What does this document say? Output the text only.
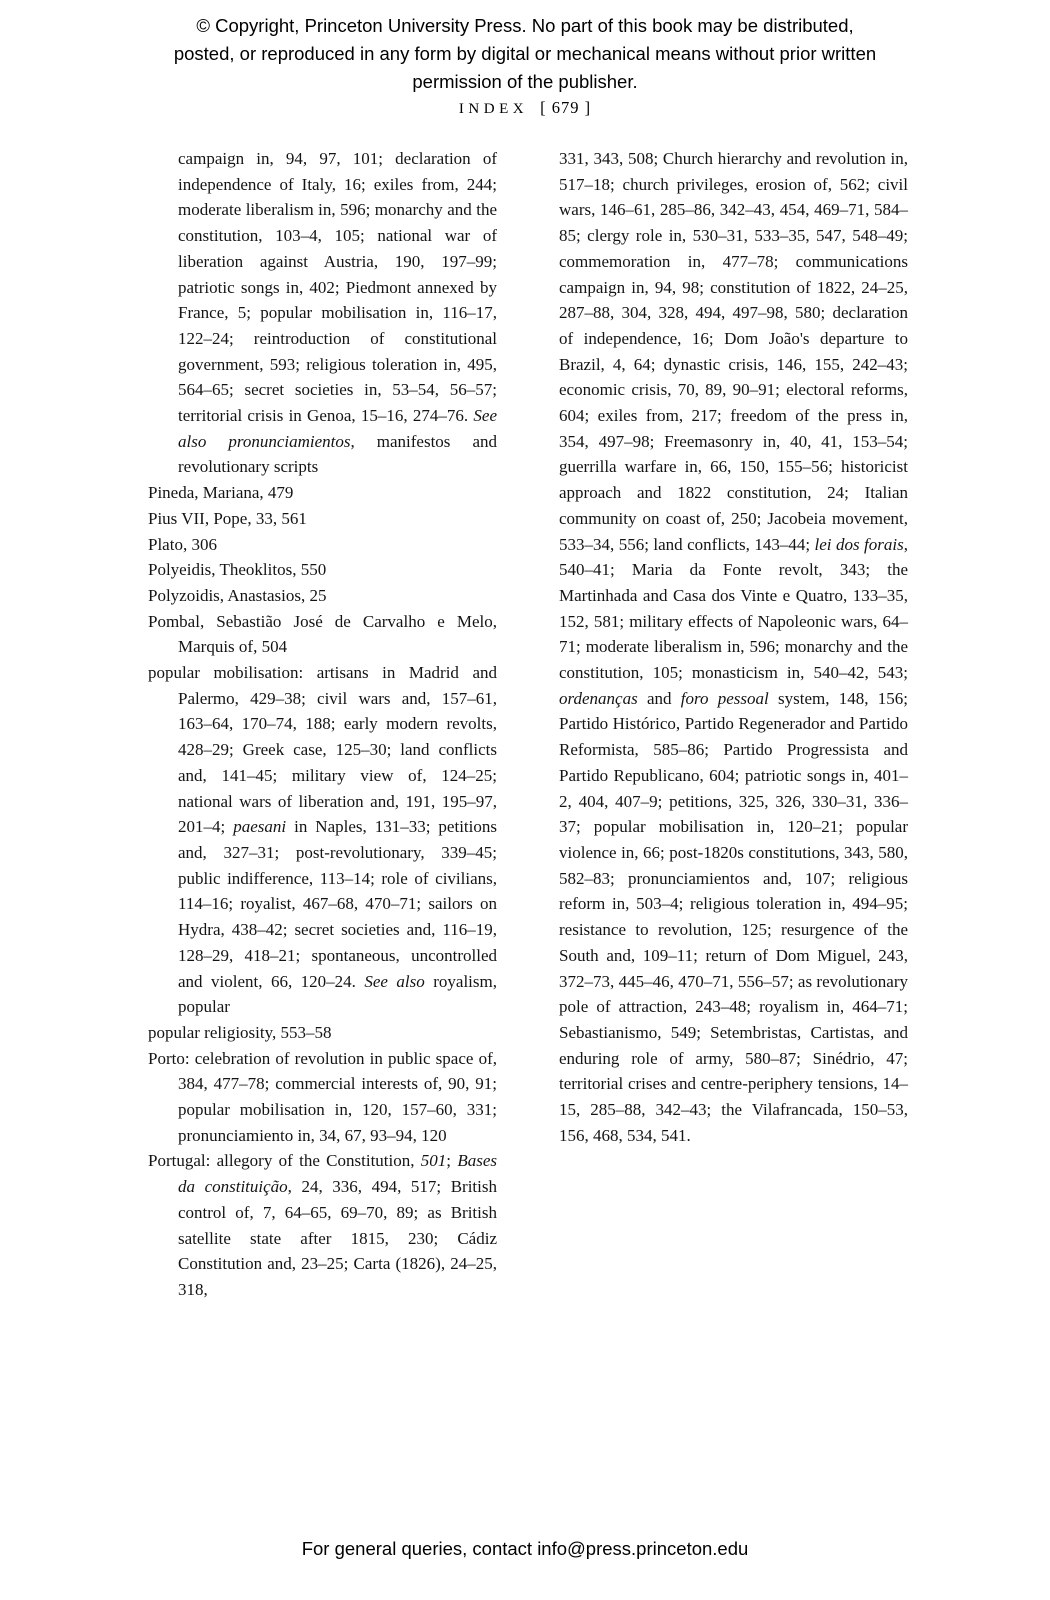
© Copyright, Princeton University Press. No part of this book may be distributed, posted, or reproduced in any form by digital or mechanical means without prior written permission of the publisher.
INDEX [ 679 ]

campaign in, 94, 97, 101; declaration of independence of Italy, 16; exiles from, 244; moderate liberalism in, 596; monarchy and the constitution, 103–4, 105; national war of liberation against Austria, 190, 197–99; patriotic songs in, 402; Piedmont annexed by France, 5; popular mobilisation in, 116–17, 122–24; reintroduction of constitutional government, 593; religious toleration in, 495, 564–65; secret societies in, 53–54, 56–57; territorial crisis in Genoa, 15–16, 274–76. See also pronunciamientos, manifestos and revolutionary scripts

Pineda, Mariana, 479

Pius VII, Pope, 33, 561

Plato, 306

Polyeidis, Theoklitos, 550

Polyzoidis, Anastasios, 25

Pombal, Sebastião José de Carvalho e Melo, Marquis of, 504

popular mobilisation: artisans in Madrid and Palermo, 429–38; civil wars and, 157–61, 163–64, 170–74, 188; early modern revolts, 428–29; Greek case, 125–30; land conflicts and, 141–45; military view of, 124–25; national wars of liberation and, 191, 195–97, 201–4; paesani in Naples, 131–33; petitions and, 327–31; post-revolutionary, 339–45; public indifference, 113–14; role of civilians, 114–16; royalist, 467–68, 470–71; sailors on Hydra, 438–42; secret societies and, 116–19, 128–29, 418–21; spontaneous, uncontrolled and violent, 66, 120–24. See also royalism, popular

popular religiosity, 553–58

Porto: celebration of revolution in public space of, 384, 477–78; commercial interests of, 90, 91; popular mobilisation in, 120, 157–60, 331; pronunciamiento in, 34, 67, 93–94, 120

Portugal: allegory of the Constitution, 501; Bases da constituição, 24, 336, 494, 517; British control of, 7, 64–65, 69–70, 89; as British satellite state after 1815, 230; Cádiz Constitution and, 23–25; Carta (1826), 24–25, 318,

331, 343, 508; Church hierarchy and revolution in, 517–18; church privileges, erosion of, 562; civil wars, 146–61, 285–86, 342–43, 454, 469–71, 584–85; clergy role in, 530–31, 533–35, 547, 548–49; commemoration in, 477–78; communications campaign in, 94, 98; constitution of 1822, 24–25, 287–88, 304, 328, 494, 497–98, 580; declaration of independence, 16; Dom João's departure to Brazil, 4, 64; dynastic crisis, 146, 155, 242–43; economic crisis, 70, 89, 90–91; electoral reforms, 604; exiles from, 217; freedom of the press in, 354, 497–98; Freemasonry in, 40, 41, 153–54; guerrilla warfare in, 66, 150, 155–56; historicist approach and 1822 constitution, 24; Italian community on coast of, 250; Jacobeia movement, 533–34, 556; land conflicts, 143–44; lei dos forais, 540–41; Maria da Fonte revolt, 343; the Martinhada and Casa dos Vinte e Quatro, 133–35, 152, 581; military effects of Napoleonic wars, 64–71; moderate liberalism in, 596; monarchy and the constitution, 105; monasticism in, 540–42, 543; ordenanças and foro pessoal system, 148, 156; Partido Histórico, Partido Regenerador and Partido Reformista, 585–86; Partido Progressista and Partido Republicano, 604; patriotic songs in, 401–2, 404, 407–9; petitions, 325, 326, 330–31, 336–37; popular mobilisation in, 120–21; popular violence in, 66; post-1820s constitutions, 343, 580, 582–83; pronunciamientos and, 107; religious reform in, 503–4; religious toleration in, 494–95; resistance to revolution, 125; resurgence of the South and, 109–11; return of Dom Miguel, 243, 372–73, 445–46, 470–71, 556–57; as revolutionary pole of attraction, 243–48; royalism in, 464–71; Sebastianismo, 549; Setembristas, Cartistas, and enduring role of army, 580–87; Sinédrio, 47; territorial crises and centre-periphery tensions, 14–15, 285–88, 342–43; the Vilafrancada, 150–53, 156, 468, 534, 541.

For general queries, contact info@press.princeton.edu
